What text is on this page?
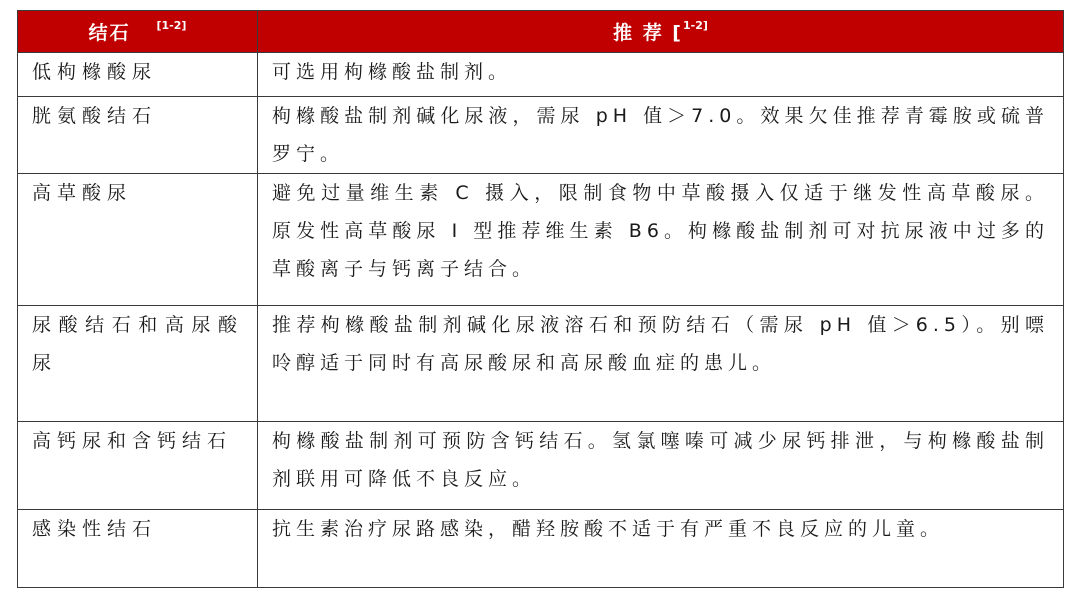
结石 [1-2]	推 荐 [$^{1-2]}$
低枸橼酸尿	可选用枸橼酸盐制剂。
胱氨酸结石	枸橼酸盐制剂碱化尿液，需尿 pH 值＞7.0。效果欠佳推荐青霉胺或硫普罗宁。
高草酸尿	避免过量维生素 C 摄入，限制食物中草酸摄入仅适于继发性高草酸尿。原发性高草酸尿 I 型推荐维生素 B6。枸橼酸盐制剂可对抗尿液中过多的草酸离子与钙离子结合。
尿酸结石和高尿酸尿	推荐枸橼酸盐制剂碱化尿液溶石和预防结石（需尿 pH 值＞6.5）。别嘌呤醇适于同时有高尿酸尿和高尿酸血症的患儿。
高钙尿和含钙结石	枸橼酸盐制剂可预防含钙结石。氢氯噻嗪可减少尿钙排泄，与枸橼酸盐制剂联用可降低不良反应。
感染性结石	抗生素治疗尿路感染，醋羟胺酸不适于有严重不良反应的儿童。
